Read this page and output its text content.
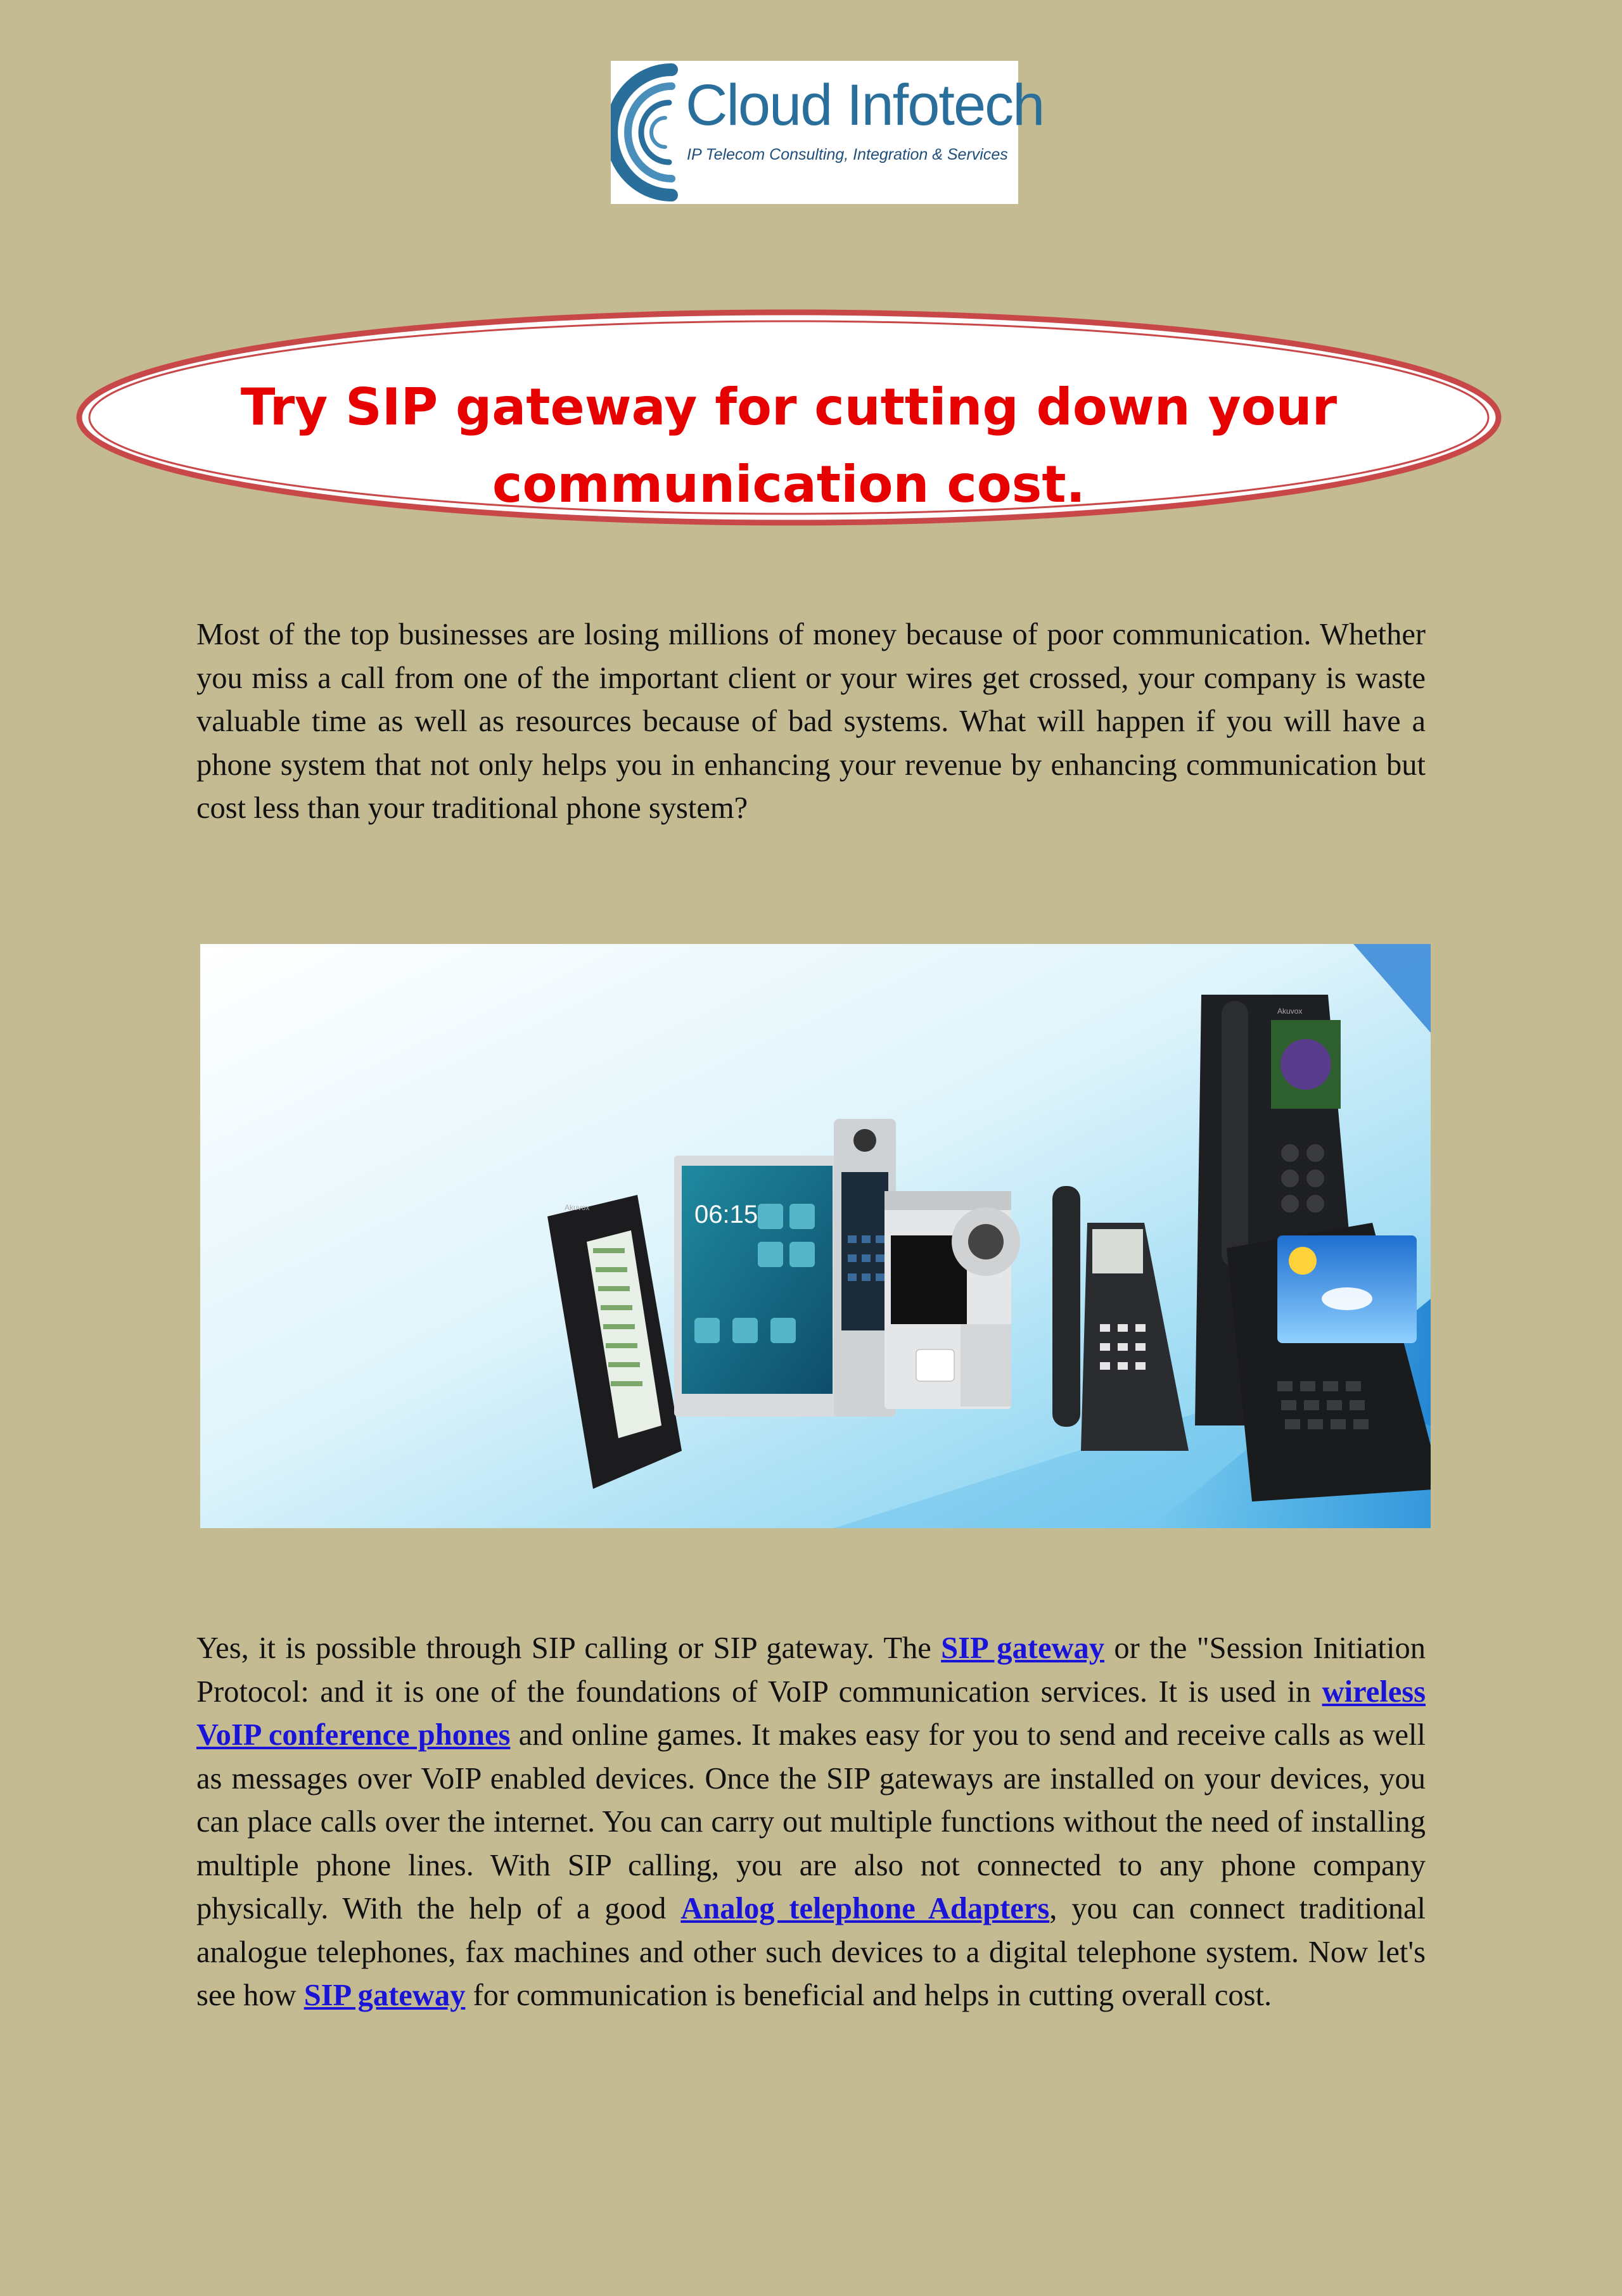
Cloud Infotech
IP Telecom Consulting, Integration & Services
Try SIP gateway for cutting down your
communication cost.

Most of the top businesses are losing millions of money because of poor communication. Whether you miss a call from one of the important client or your wires get crossed, your company is waste valuable time as well as resources because of bad systems. What will happen if you will have a phone system that not only helps you in enhancing your revenue by enhancing communication but cost less than your traditional phone system?

Akuvox	06:15
Akuvox

Yes, it is possible through SIP calling or SIP gateway. The SIP gateway or the "Session Initiation Protocol: and it is one of the foundations of VoIP communication services. It is used in wireless VoIP conference phones and online games. It makes easy for you to send and receive calls as well as messages over VoIP enabled devices. Once the SIP gateways are installed on your devices, you can place calls over the internet. You can carry out multiple functions without the need of installing multiple phone lines. With SIP calling, you are also not connected to any phone company physically. With the help of a good Analog telephone Adapters, you can connect traditional analogue telephones, fax machines and other such devices to a digital telephone system. Now let's see how SIP gateway for communication is beneficial and helps in cutting overall cost.
